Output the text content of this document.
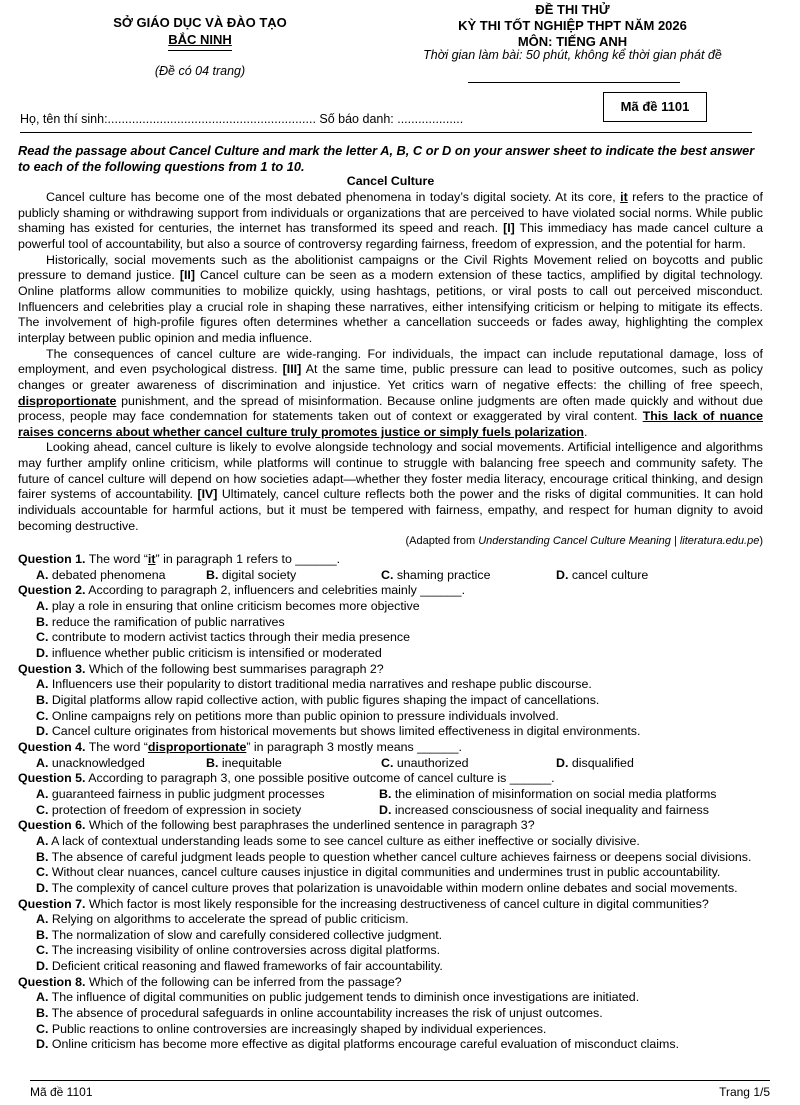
SỞ GIÁO DỤC VÀ ĐÀO TẠO
BẮC NINH
(Đề có 04 trang)
ĐỀ THI THỬ
KỲ THI TỐT NGHIỆP THPT NĂM 2026
MÔN: TIẾNG ANH
Thời gian làm bài: 50 phút, không kể thời gian phát đề
Mã đề 1101
Họ, tên thí sinh:............................................................ Số báo danh: ...................

Read the passage about Cancel Culture and mark the letter A, B, C or D on your answer sheet to indicate the best answer to each of the following questions from 1 to 10.

Cancel Culture

Cancel culture has become one of the most debated phenomena in today’s digital society. At its core, it refers to the practice of publicly shaming or withdrawing support from individuals or organizations that are perceived to have violated social norms. While public shaming has existed for centuries, the internet has transformed its speed and reach. [I] This immediacy has made cancel culture a powerful tool of accountability, but also a source of controversy regarding fairness, freedom of expression, and the potential for harm.

Historically, social movements such as the abolitionist campaigns or the Civil Rights Movement relied on boycotts and public pressure to demand justice. [II] Cancel culture can be seen as a modern extension of these tactics, amplified by digital technology. Online platforms allow communities to mobilize quickly, using hashtags, petitions, or viral posts to call out perceived misconduct. Influencers and celebrities play a crucial role in shaping these narratives, either intensifying criticism or helping to mitigate its effects. The involvement of high-profile figures often determines whether a cancellation succeeds or fades away, highlighting the complex interplay between public opinion and media influence.

The consequences of cancel culture are wide-ranging. For individuals, the impact can include reputational damage, loss of employment, and even psychological distress. [III] At the same time, public pressure can lead to positive outcomes, such as policy changes or greater awareness of discrimination and injustice. Yet critics warn of negative effects: the chilling of free speech, disproportionate punishment, and the spread of misinformation. Because online judgments are often made quickly and without due process, people may face condemnation for statements taken out of context or exaggerated by viral content. This lack of nuance raises concerns about whether cancel culture truly promotes justice or simply fuels polarization.

Looking ahead, cancel culture is likely to evolve alongside technology and social movements. Artificial intelligence and algorithms may further amplify online criticism, while platforms will continue to struggle with balancing free speech and community safety. The future of cancel culture will depend on how societies adapt—whether they foster media literacy, encourage critical thinking, and design fairer systems of accountability. [IV] Ultimately, cancel culture reflects both the power and the risks of digital communities. It can hold individuals accountable for harmful actions, but it must be tempered with fairness, empathy, and respect for human dignity to avoid becoming destructive.

(Adapted from Understanding Cancel Culture Meaning | literatura.edu.pe)

Question 1. The word “it” in paragraph 1 refers to ______.

A. debated phenomena	B. digital society	C. shaming practice	D. cancel culture

Question 2. According to paragraph 2, influencers and celebrities mainly ______.

A. play a role in ensuring that online criticism becomes more objective
B. reduce the ramification of public narratives
C. contribute to modern activist tactics through their media presence
D. influence whether public criticism is intensified or moderated

Question 3. Which of the following best summarises paragraph 2?

A. Influencers use their popularity to distort traditional media narratives and reshape public discourse.
B. Digital platforms allow rapid collective action, with public figures shaping the impact of cancellations.
C. Online campaigns rely on petitions more than public opinion to pressure individuals involved.
D. Cancel culture originates from historical movements but shows limited effectiveness in digital environments.

Question 4. The word “disproportionate” in paragraph 3 mostly means ______.

A. unacknowledged	B. inequitable	C. unauthorized	D. disqualified

Question 5. According to paragraph 3, one possible positive outcome of cancel culture is ______.

A. guaranteed fairness in public judgment processes	B. the elimination of misinformation on social media platforms
C. protection of freedom of expression in society	D. increased consciousness of social inequality and fairness

Question 6. Which of the following best paraphrases the underlined sentence in paragraph 3?

A. A lack of contextual understanding leads some to see cancel culture as either ineffective or socially divisive.
B. The absence of careful judgment leads people to question whether cancel culture achieves fairness or deepens social divisions.
C. Without clear nuances, cancel culture causes injustice in digital communities and undermines trust in public accountability.
D. The complexity of cancel culture proves that polarization is unavoidable within modern online debates and social movements.

Question 7. Which factor is most likely responsible for the increasing destructiveness of cancel culture in digital communities?

A. Relying on algorithms to accelerate the spread of public criticism.
B. The normalization of slow and carefully considered collective judgment.
C. The increasing visibility of online controversies across digital platforms.
D. Deficient critical reasoning and flawed frameworks of fair accountability.

Question 8. Which of the following can be inferred from the passage?

A. The influence of digital communities on public judgement tends to diminish once investigations are initiated.
B. The absence of procedural safeguards in online accountability increases the risk of unjust outcomes.
C. Public reactions to online controversies are increasingly shaped by individual experiences.
D. Online criticism has become more effective as digital platforms encourage careful evaluation of misconduct claims.
Mã đề 1101	Trang 1/5
